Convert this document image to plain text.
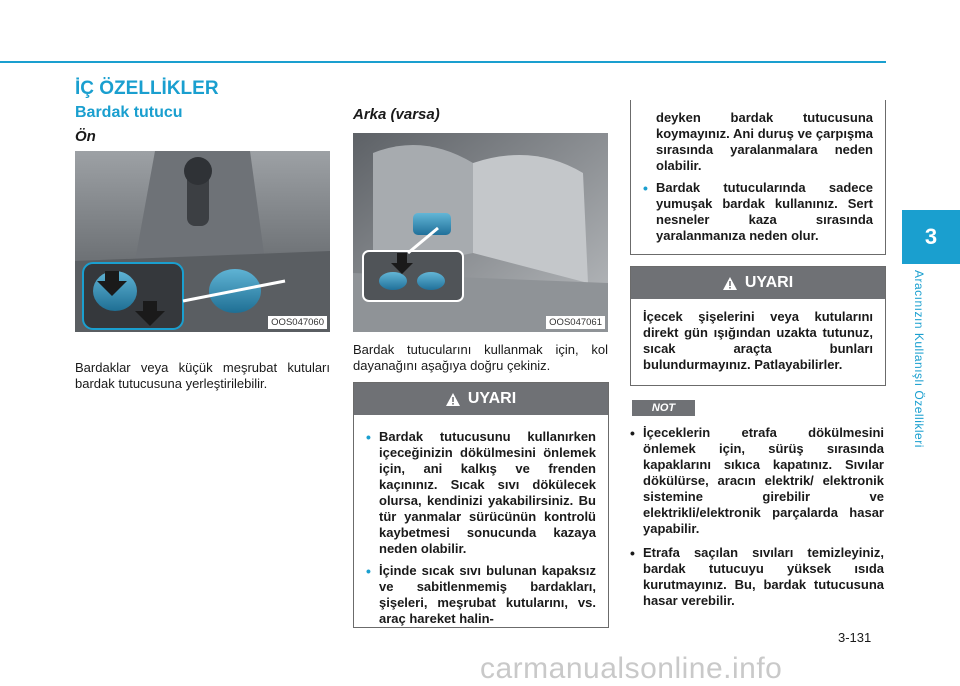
İÇ ÖZELLİKLER
3
Aracınızın Kullanışlı Özellikleri
Bardak tutucu
Ön
OOS047060
Bardaklar veya küçük meşrubat kutuları bardak tutucusuna yerleştirilebilir.
Arka (varsa)
OOS047061
Bardak tutucularını kullanmak için, kol dayanağını aşağıya doğru çekiniz.
UYARI
• Bardak tutucusunu kullanırken içeceğinizin dökülmesini önlemek için, ani kalkış ve frenden kaçınınız. Sıcak sıvı dökülecek olursa, kendinizi yakabilirsiniz. Bu tür yanmalar sürücünün kontrolü kaybetmesi sonucunda kazaya neden olabilir.
• İçinde sıcak sıvı bulunan kapaksız ve sabitlenmemiş bardakları, şişeleri, meşrubat kutularını, vs. araç hareket halin-
deyken bardak tutucusuna koymayınız. Ani duruş ve çarpışma sırasında yaralanmalara neden olabilir.
• Bardak tutucularında sadece yumuşak bardak kullanınız. Sert nesneler kaza sırasında yaralanmanıza neden olur.
UYARI
İçecek şişelerini veya kutularını direkt gün ışığından uzakta tutunuz, sıcak araçta bunları bulundurmayınız. Patlayabilirler.
NOT
• İçeceklerin etrafa dökülmesini önlemek için, sürüş sırasında kapaklarını sıkıca kapatınız. Sıvılar dökülürse, aracın elektrik/ elektronik sistemine girebilir ve elektrikli/elektronik parçalarda hasar yapabilir.
• Etrafa saçılan sıvıları temizleyiniz, bardak tutucuyu yüksek ısıda kurutmayınız. Bu, bardak tutucusuna hasar verebilir.
3-131
carmanualsonline.info
